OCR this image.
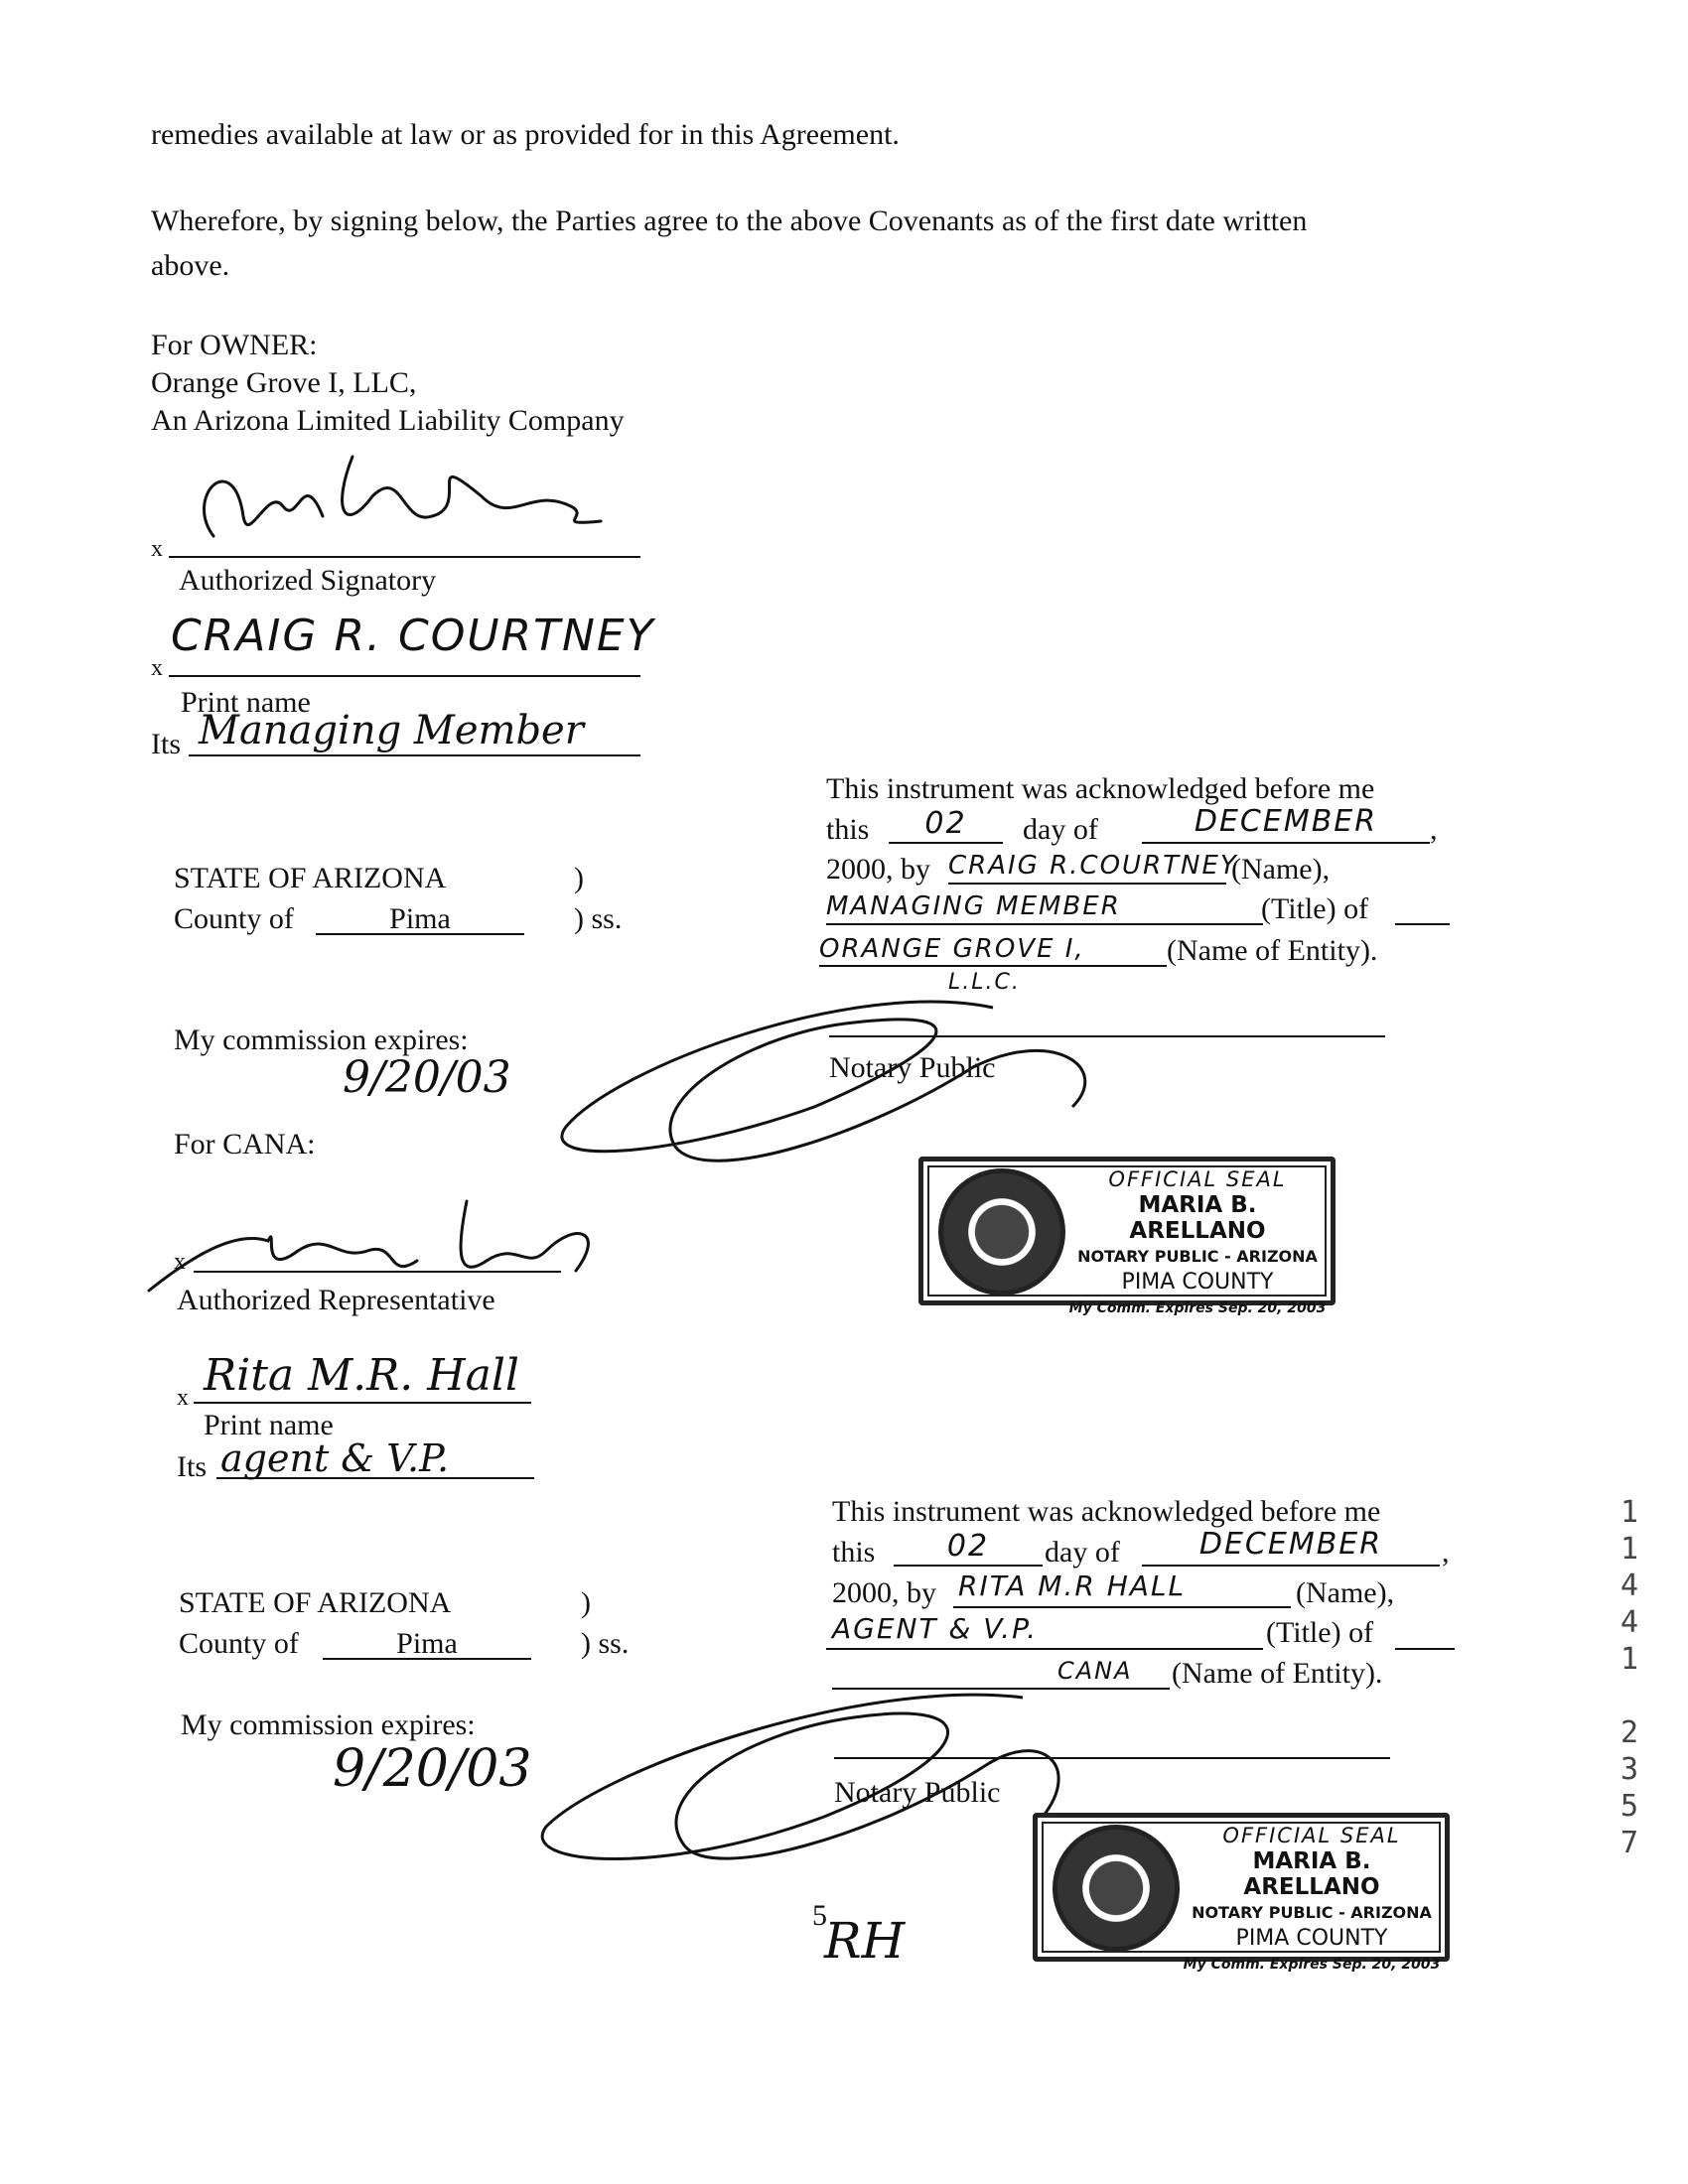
remedies available at law or as provided for in this Agreement.
Wherefore, by signing below, the Parties agree to the above Covenants as of the first date written
above.
For OWNER:
Orange Grove I, LLC,
An Arizona Limited Liability Company
x
Authorized Signatory
x
CRAIG R. COURTNEY
Print name
Its Managing Member
STATE OF ARIZONA	)
County of	Pima	) ss.
My commission expires:
9/20/03
This instrument was acknowledged before me
this	02	day of	DECEMBER	,
2000, by CRAIG R.COURTNEY
(Name),
MANAGING MEMBER	(Title) of
ORANGE GROVE I,	(Name of Entity).
L.L.C.
Notary Public
OFFICIAL SEAL
MARIA B. ARELLANO
NOTARY PUBLIC - ARIZONA
PIMA COUNTY
My Comm. Expires Sep. 20, 2003
For CANA:
x
Authorized Representative
x Rita M.R. Hall
Print name
Its agent & V.P.
STATE OF ARIZONA	)
County of	Pima	) ss.
My commission expires:
9/20/03
This instrument was acknowledged before me
this	02	day of	DECEMBER	,
2000, by RITA M.R HALL	(Name),
AGENT & V.P.	(Title) of
CANA (Name of Entity).
Notary Public
OFFICIAL SEAL
MARIA B. ARELLANO
NOTARY PUBLIC - ARIZONA
PIMA COUNTY
My Comm. Expires Sep. 20, 2003
5
RH
1
1
4
4
1
2
3
5
7
